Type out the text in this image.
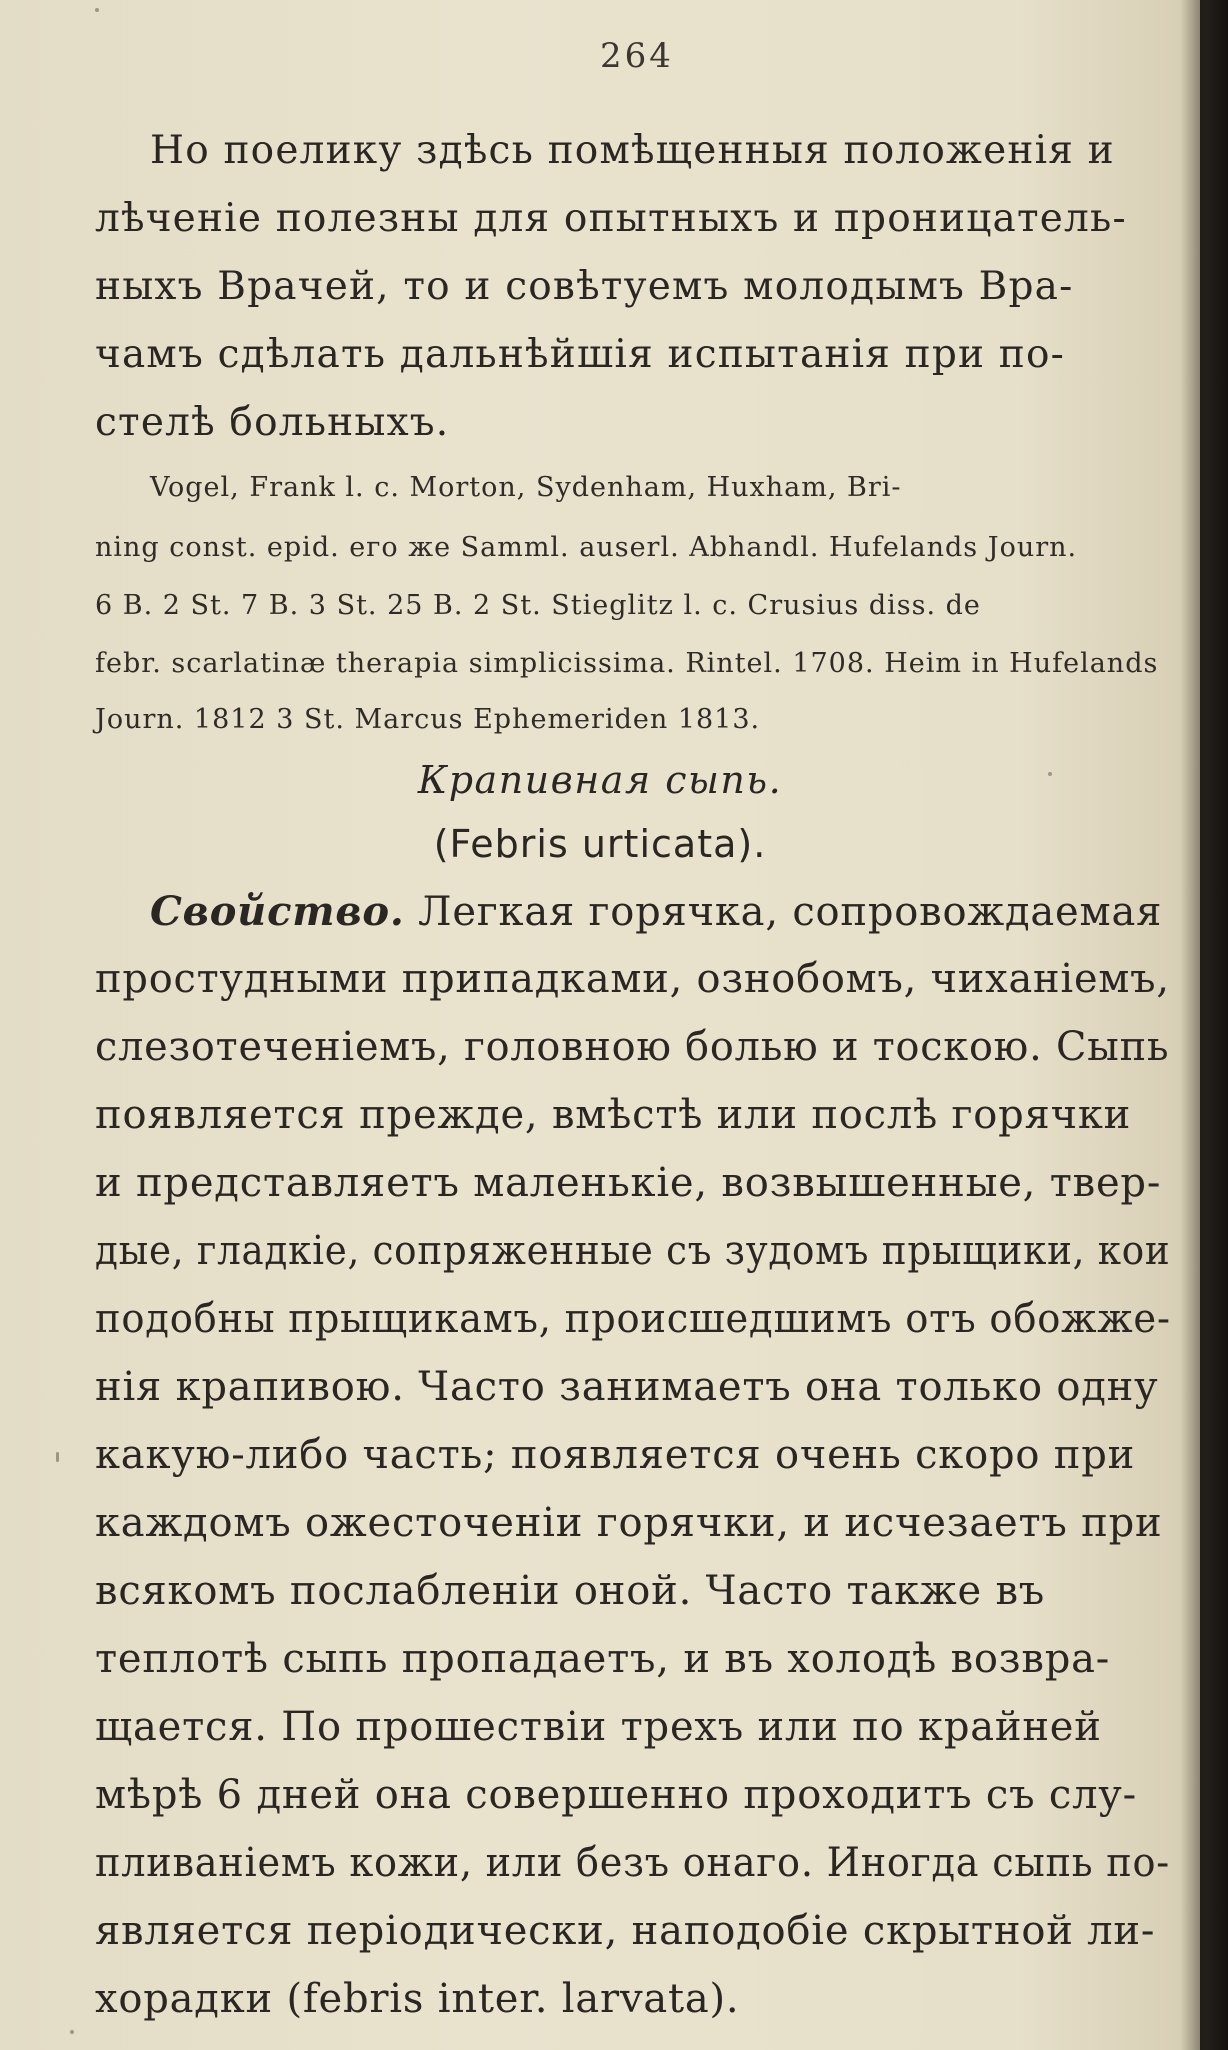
264
Но поелику здѣсь помѣщенныя положенія и
лѣченіе полезны для опытныхъ и проницатель-
ныхъ Врачей, то и совѣтуемъ молодымъ Вра-
чамъ сдѣлать дальнѣйшія испытанія при по-
стелѣ больныхъ.
Vogel, Frank l. c. Morton, Sydenham, Huxham, Bri-
ning const. epid. его же Samml. auserl. Abhandl. Hufelands Journ.
6 B. 2 St. 7 B. 3 St. 25 B. 2 St. Stieglitz l. c. Crusius diss. de
febr. scarlatinæ therapia simplicissima. Rintel. 1708. Heim in Hufelands
Journ. 1812 3 St. Marcus Ephemeriden 1813.
Крапивная сыпь.
(Febris urticata).
Свойство. Легкая горячка, сопровождаемая
простудными припадками, ознобомъ, чиханіемъ,
слезотеченіемъ, головною болью и тоскою. Сыпь
появляется прежде, вмѣстѣ или послѣ горячки
и представляетъ маленькіе, возвышенные, твер-
дые, гладкіе, сопряженные съ зудомъ прыщики, кои
подобны прыщикамъ, происшедшимъ отъ обожже-
нія крапивою. Часто занимаетъ она только одну
какую-либо часть; появляется очень скоро при
каждомъ ожесточеніи горячки, и исчезаетъ при
всякомъ послабленіи оной. Часто также въ
теплотѣ сыпь пропадаетъ, и въ холодѣ возвра-
щается. По прошествіи трехъ или по крайней
мѣрѣ 6 дней она совершенно проходитъ съ слу-
пливаніемъ кожи, или безъ онаго. Иногда сыпь по-
является періодически, наподобіе скрытной ли-
хорадки (febris inter. larvata).
